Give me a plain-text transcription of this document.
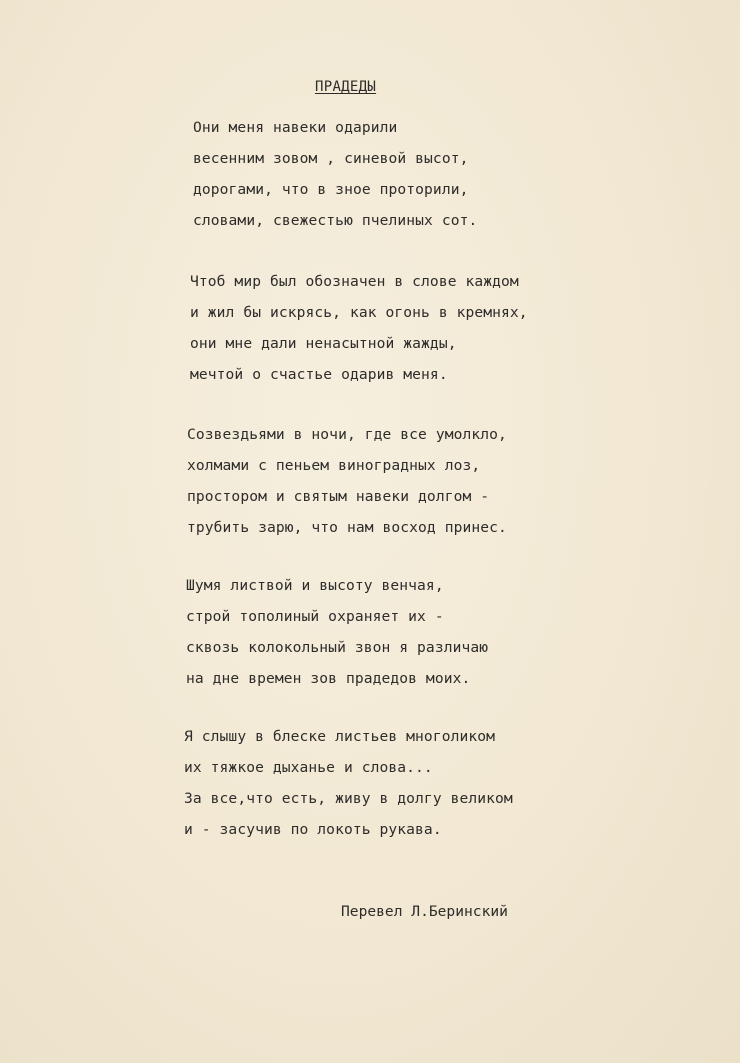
ПРАДЕДЫ
Они меня навеки одарили
весенним зовом , синевой высот,
дорогами, что в зное проторили,
словами, свежестью пчелиных сот.
Чтоб мир был обозначен в слове каждом
и жил бы искрясь, как огонь в кремнях,
они мне дали ненасытной жажды,
мечтой о счастье одарив меня.
Созвездьями в ночи, где все умолкло,
холмами с пеньем виноградных лоз,
простором и святым навеки долгом -
трубить зарю, что нам восход принес.
Шумя листвой и высоту венчая,
строй тополиный охраняет их -
сквозь колокольный звон я различаю
на дне времен зов прадедов моих.
Я слышу в блеске листьев многоликом
их тяжкое дыханье и слова...
За все,что есть, живу в долгу великом
и - засучив по локоть рукава.
Перевел Л.Беринский
